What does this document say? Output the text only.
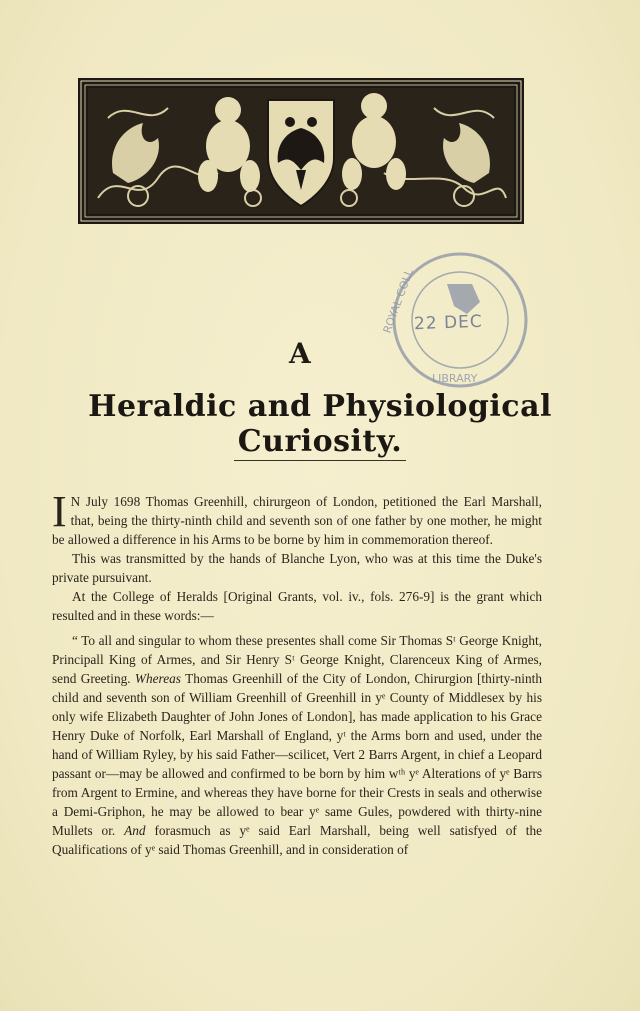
ROYAL COLL
LIBRARY
22 DEC
A
Heraldic and Physiological Curiosity.

I N July 1698 Thomas Greenhill, chirurgeon of London, petitioned the Earl Marshall, that, being the thirty-ninth child and seventh son of one father by one mother, he might be allowed a difference in his Arms to be borne by him in commemoration thereof.

This was transmitted by the hands of Blanche Lyon, who was at this time the Duke's private pursuivant.

At the College of Heralds [Original Grants, vol. iv., fols. 276-9] is the grant which resulted and in these words:—

“ To all and singular to whom these presentes shall come Sir Thomas Sᵗ George Knight, Principall King of Armes, and Sir Henry Sᵗ George Knight, Clarenceux King of Armes, send Greeting. Whereas Thomas Greenhill of the City of London, Chirurgion [thirty-ninth child and seventh son of William Greenhill of Greenhill in yᵉ County of Middlesex by his only wife Elizabeth Daughter of John Jones of London], has made application to his Grace Henry Duke of Norfolk, Earl Marshall of England, yᵗ the Arms born and used, under the hand of William Ryley, by his said Father—scilicet, Vert 2 Barrs Argent, in chief a Leopard passant or—may be allowed and confirmed to be born by him wᵗʰ yᵉ Alterations of yᵉ Barrs from Argent to Ermine, and whereas they have borne for their Crests in seals and otherwise a Demi-Griphon, he may be allowed to bear yᵉ same Gules, powdered with thirty-nine Mullets or. And forasmuch as yᵉ said Earl Marshall, being well satisfyed of the Qualifications of yᵉ said Thomas Greenhill, and in consideration of
